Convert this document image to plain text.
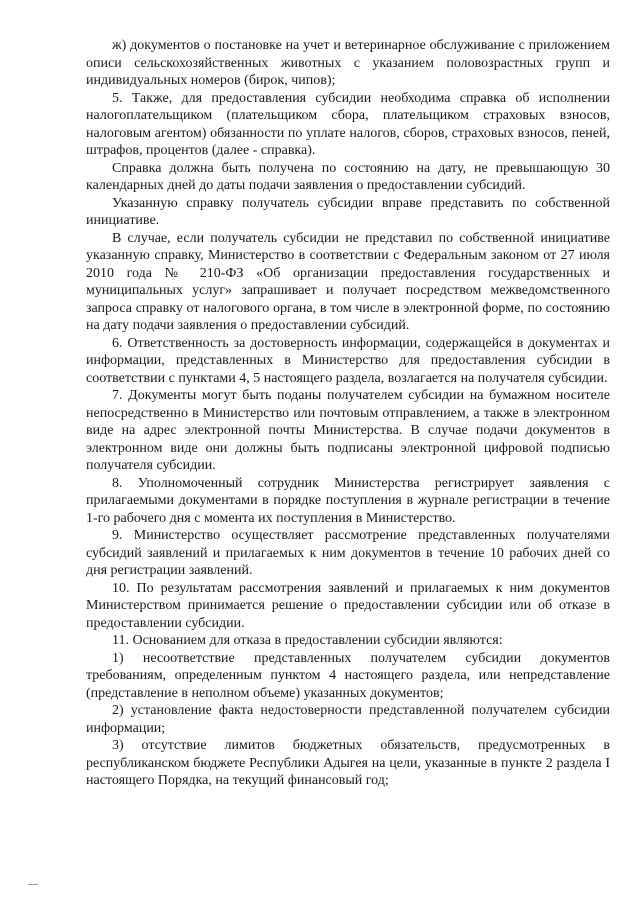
ж) документов о постановке на учет и ветеринарное обслуживание с приложением описи сельскохозяйственных животных с указанием половозрастных групп и индивидуальных номеров (бирок, чипов);

5. Также, для предоставления субсидии необходима справка об исполнении налогоплательщиком (плательщиком сбора, плательщиком страховых взносов, налоговым агентом) обязанности по уплате налогов, сборов, страховых взносов, пеней, штрафов, процентов (далее - справка).

Справка должна быть получена по состоянию на дату, не превышающую 30 календарных дней до даты подачи заявления о предоставлении субсидий.

Указанную справку получатель субсидии вправе представить по собственной инициативе.

В случае, если получатель субсидии не представил по собственной инициативе указанную справку, Министерство в соответствии с Федеральным законом от 27 июля 2010 года № 210-ФЗ «Об организации предоставления государственных и муниципальных услуг» запрашивает и получает посредством межведомственного запроса справку от налогового органа, в том числе в электронной форме, по состоянию на дату подачи заявления о предоставлении субсидий.

6. Ответственность за достоверность информации, содержащейся в документах и информации, представленных в Министерство для предоставления субсидии в соответствии с пунктами 4, 5 настоящего раздела, возлагается на получателя субсидии.

7. Документы могут быть поданы получателем субсидии на бумажном носителе непосредственно в Министерство или почтовым отправлением, а также в электронном виде на адрес электронной почты Министерства. В случае подачи документов в электронном виде они должны быть подписаны электронной цифровой подписью получателя субсидии.

8. Уполномоченный сотрудник Министерства регистрирует заявления с прилагаемыми документами в порядке поступления в журнале регистрации в течение 1-го рабочего дня с момента их поступления в Министерство.

9. Министерство осуществляет рассмотрение представленных получателями субсидий заявлений и прилагаемых к ним документов в течение 10 рабочих дней со дня регистрации заявлений.

10. По результатам рассмотрения заявлений и прилагаемых к ним документов Министерством принимается решение о предоставлении субсидии или об отказе в предоставлении субсидии.

11. Основанием для отказа в предоставлении субсидии являются:

1) несоответствие представленных получателем субсидии документов требованиям, определенным пунктом 4 настоящего раздела, или непредставление (представление в неполном объеме) указанных документов;

2) установление факта недостоверности представленной получателем субсидии информации;

3) отсутствие лимитов бюджетных обязательств, предусмотренных в республиканском бюджете Республики Адыгея на цели, указанные в пункте 2 раздела I настоящего Порядка, на текущий финансовый год;
